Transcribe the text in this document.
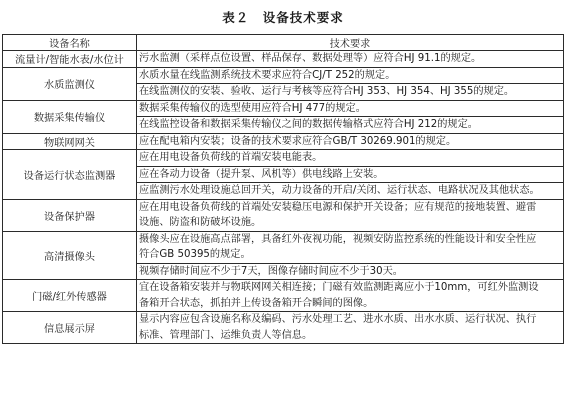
表２　设备技术要求
设备名称	技术要求
流量计/智能水表/水位计	污水监测（采样点位设置、样品保存、数据处理等）应符合HJ 91.1的规定。

水质监测仪	水质水量在线监测系统技术要求应符合CJ/T 252的规定。
在线监测仪的安装、验收、运行与考核等应符合HJ 353、HJ 354、HJ 355的规定。

数据采集传输仪	数据采集传输仪的选型使用应符合HJ 477的规定。
在线监控设备和数据采集传输仪之间的数据传输格式应符合HJ 212的规定。

物联网网关	应在配电箱内安装；设备的技术要求应符合GB/T 30269.901的规定。

设备运行状态监测器	应在用电设备负荷线的首端安装电能表。
应在各动力设备（提升泵、风机等）供电线路上安装。
应监测污水处理设施总回开关，动力设备的开启/关闭、运行状态、电路状况及其他状态。

设备保护器	应在用电设备负荷线的首端处安装稳压电源和保护开关设备；应有规范的接地装置、避雷
设施、防盗和防破坏设施。

高清摄像头	摄像头应在设施高点部署，具备红外夜视功能，视频安防监控系统的性能设计和安全性应
符合GB 50395的规定。
视频存储时间应不少于7天，图像存储时间应不少于30天。

门磁/红外传感器	宜在设备箱安装并与物联网网关相连接；门磁有效监测距离应小于10mm，可红外监测设
备箱开合状态，抓拍并上传设备箱开合瞬间的图像。

信息展示屏	显示内容应包含设施名称及编码、污水处理工艺、进水水质、出水水质、运行状况、执行
标准、管理部门、运维负责人等信息。
